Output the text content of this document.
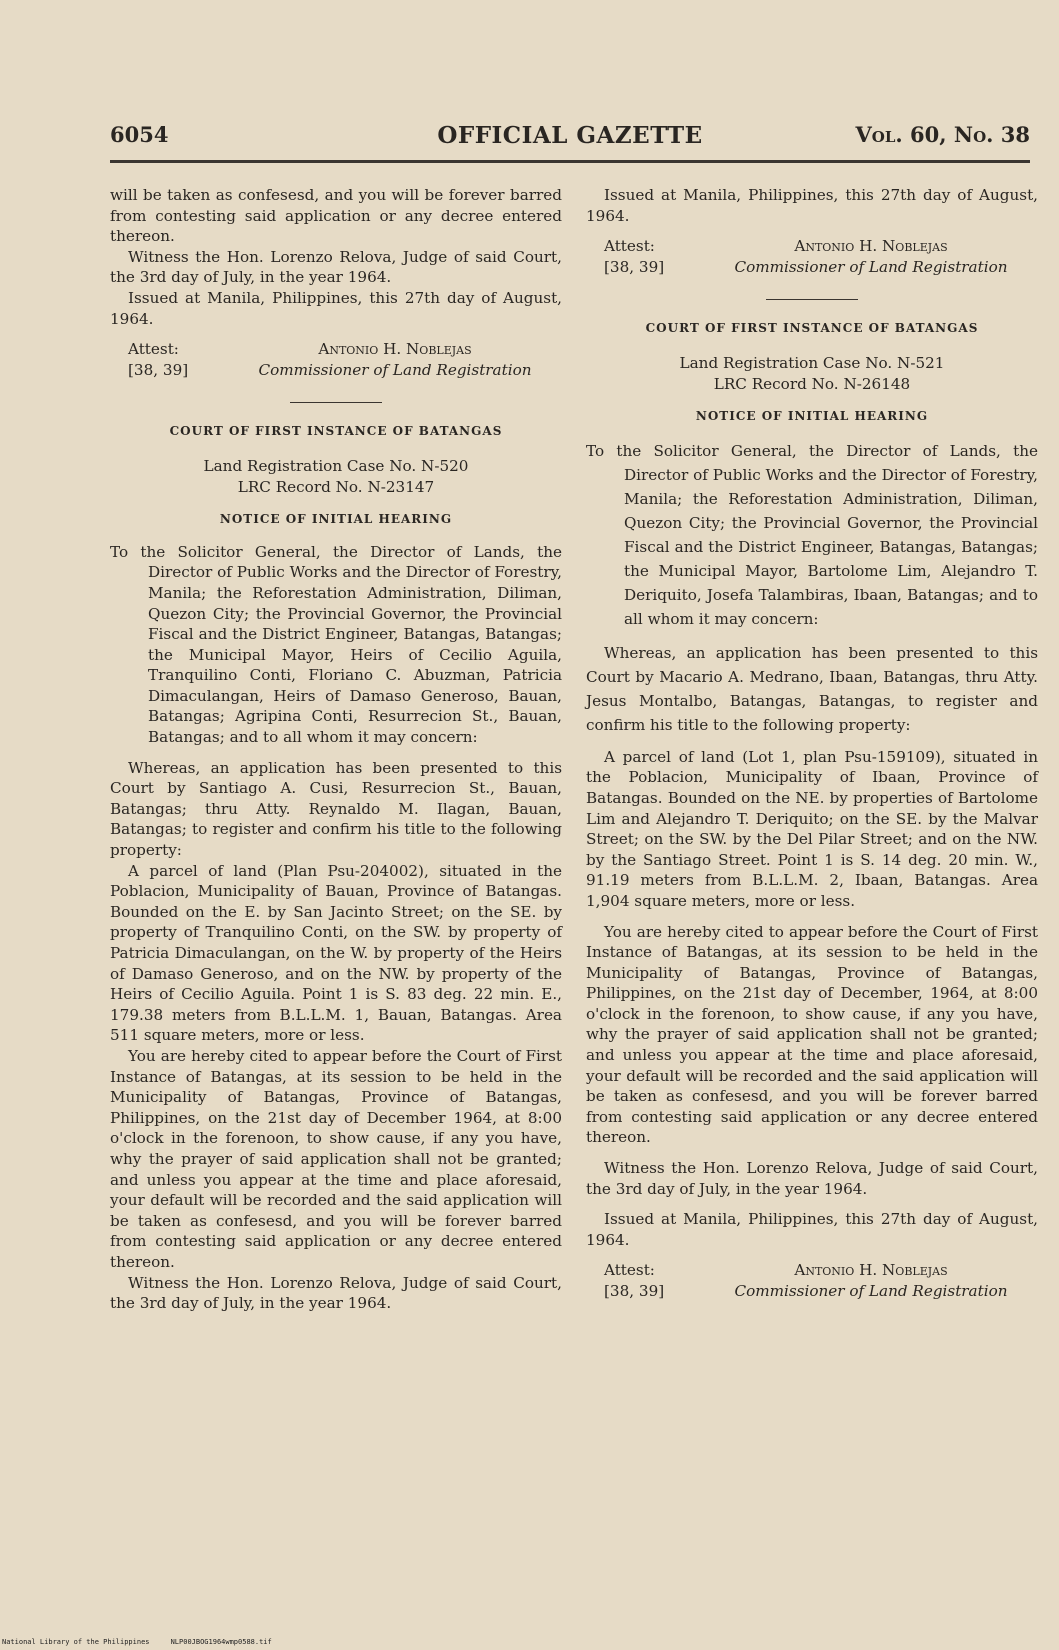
6054	OFFICIAL GAZETTE	Vol. 60, No. 38

will be taken as confesesd, and you will be forever barred from contesting said application or any decree entered thereon.

Witness the Hon. Lorenzo Relova, Judge of said Court, the 3rd day of July, in the year 1964.

Issued at Manila, Philippines, this 27th day of August, 1964.

Attest:
[38, 39]
Antonio H. Noblejas
Commissioner of Land Registration
COURT OF FIRST INSTANCE OF BATANGAS
Land Registration Case No. N-520
LRC Record No. N-23147
NOTICE OF INITIAL HEARING

To the Solicitor General, the Director of Lands, the Director of Public Works and the Director of Forestry, Manila; the Reforestation Administration, Diliman, Quezon City; the Provincial Governor, the Provincial Fiscal and the District Engineer, Batangas, Batangas; the Municipal Mayor, Heirs of Cecilio Aguila, Tranquilino Conti, Floriano C. Abuzman, Patricia Dimaculangan, Heirs of Damaso Generoso, Bauan, Batangas; Agripina Conti, Resurrecion St., Bauan, Batangas; and to all whom it may concern:

Whereas, an application has been presented to this Court by Santiago A. Cusi, Resurrecion St., Bauan, Batangas; thru Atty. Reynaldo M. Ilagan, Bauan, Batangas; to register and confirm his title to the following property:

A parcel of land (Plan Psu-204002), situated in the Poblacion, Municipality of Bauan, Province of Batangas. Bounded on the E. by San Jacinto Street; on the SE. by property of Tranquilino Conti, on the SW. by property of Patricia Dimaculangan, on the W. by property of the Heirs of Damaso Generoso, and on the NW. by property of the Heirs of Cecilio Aguila. Point 1 is S. 83 deg. 22 min. E., 179.38 meters from B.L.L.M. 1, Bauan, Batangas. Area 511 square meters, more or less.

You are hereby cited to appear before the Court of First Instance of Batangas, at its session to be held in the Municipality of Batangas, Province of Batangas, Philippines, on the 21st day of December 1964, at 8:00 o'clock in the forenoon, to show cause, if any you have, why the prayer of said application shall not be granted; and unless you appear at the time and place aforesaid, your default will be recorded and the said application will be taken as confesesd, and you will be forever barred from contesting said application or any decree entered thereon.

Witness the Hon. Lorenzo Relova, Judge of said Court, the 3rd day of July, in the year 1964.

Issued at Manila, Philippines, this 27th day of August, 1964.

Attest:
[38, 39]
Antonio H. Noblejas
Commissioner of Land Registration
COURT OF FIRST INSTANCE OF BATANGAS
Land Registration Case No. N-521
LRC Record No. N-26148
NOTICE OF INITIAL HEARING

To the Solicitor General, the Director of Lands, the Director of Public Works and the Director of Forestry, Manila; the Reforestation Administration, Diliman, Quezon City; the Provincial Governor, the Provincial Fiscal and the District Engineer, Batangas, Batangas; the Municipal Mayor, Bartolome Lim, Alejandro T. Deriquito, Josefa Talambiras, Ibaan, Batangas; and to all whom it may concern:

Whereas, an application has been presented to this Court by Macario A. Medrano, Ibaan, Batangas, thru Atty. Jesus Montalbo, Batangas, Batangas, to register and confirm his title to the following property:

A parcel of land (Lot 1, plan Psu-159109), situated in the Poblacion, Municipality of Ibaan, Province of Batangas. Bounded on the NE. by properties of Bartolome Lim and Alejandro T. Deriquito; on the SE. by the Malvar Street; on the SW. by the Del Pilar Street; and on the NW. by the Santiago Street. Point 1 is S. 14 deg. 20 min. W., 91.19 meters from B.L.L.M. 2, Ibaan, Batangas. Area 1,904 square meters, more or less.

You are hereby cited to appear before the Court of First Instance of Batangas, at its session to be held in the Municipality of Batangas, Province of Batangas, Philippines, on the 21st day of December, 1964, at 8:00 o'clock in the forenoon, to show cause, if any you have, why the prayer of said application shall not be granted; and unless you appear at the time and place aforesaid, your default will be recorded and the said application will be taken as confesesd, and you will be forever barred from contesting said application or any decree entered thereon.

Witness the Hon. Lorenzo Relova, Judge of said Court, the 3rd day of July, in the year 1964.

Issued at Manila, Philippines, this 27th day of August, 1964.

Attest:
[38, 39]
Antonio H. Noblejas
Commissioner of Land Registration
National Library of the Philippines	NLP00JBOG1964wmp0588.tif
